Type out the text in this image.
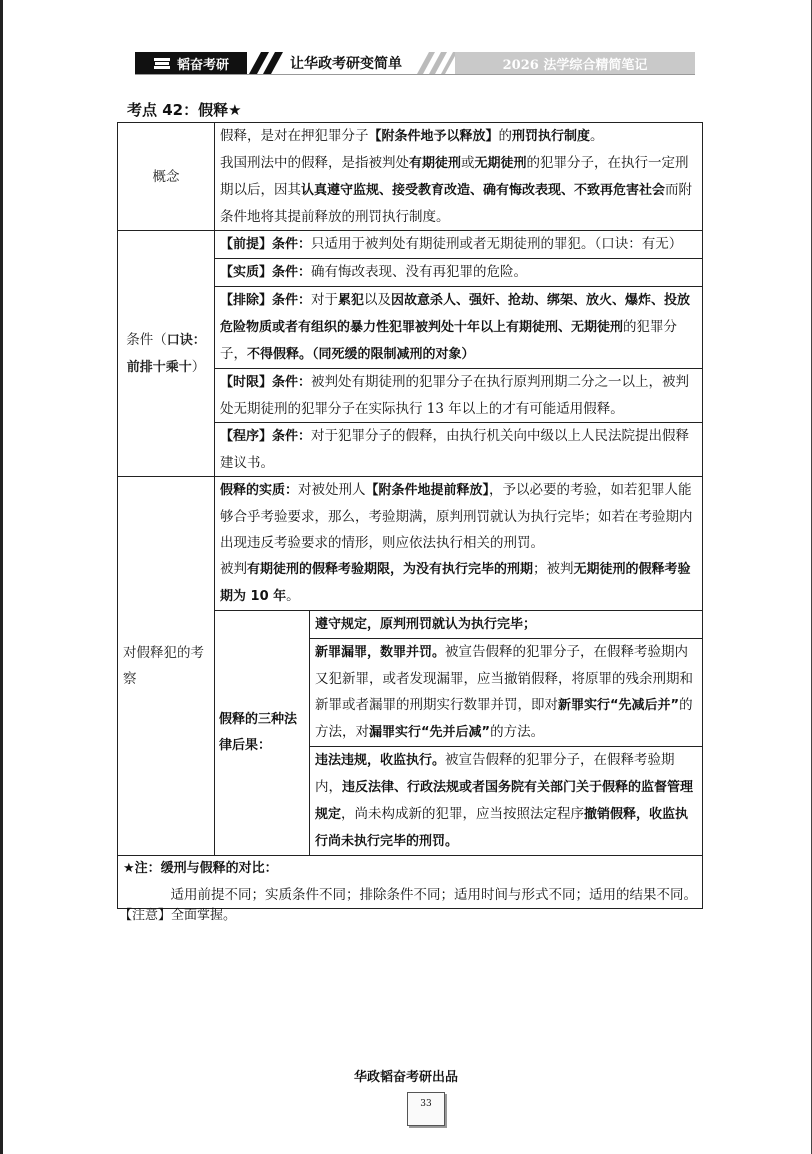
韬奋考研	让华政考研变简单	2026 法学综合精简笔记
考点 42：假释★
概念	
假释，是对在押犯罪分子【附条件地予以释放】的刑罚执行制度。
我国刑法中的假释，是指被判处有期徒刑或无期徒刑的犯罪分子，在执行一定刑期以后，因其认真遵守监规、接受教育改造、确有悔改表现、不致再危害社会而附条件地将其提前释放的刑罚执行制度。

条件（口诀：前排十乘十）	【前提】条件：只适用于被判处有期徒刑或者无期徒刑的罪犯。（口诀：有无）
【实质】条件：确有悔改表现、没有再犯罪的危险。
【排除】条件：对于累犯以及因故意杀人、强奸、抢劫、绑架、放火、爆炸、投放危险物质或者有组织的暴力性犯罪被判处十年以上有期徒刑、无期徒刑的犯罪分子，不得假释。（同死缓的限制减刑的对象）
【时限】条件：被判处有期徒刑的犯罪分子在执行原判刑期二分之一以上，被判处无期徒刑的犯罪分子在实际执行 13 年以上的才有可能适用假释。
【程序】条件：对于犯罪分子的假释，由执行机关向中级以上人民法院提出假释建议书。
对假释犯的考察	
假释的实质：对被处刑人【附条件地提前释放】，予以必要的考验，如若犯罪人能够合乎考验要求，那么，考验期满，原判刑罚就认为执行完毕；如若在考验期内出现违反考验要求的情形，则应依法执行相关的刑罚。
被判有期徒刑的假释考验期限，为没有执行完毕的刑期；被判无期徒刑的假释考验期为 10 年。

假释的三种法律后果：	遵守规定，原判刑罚就认为执行完毕；
新罪漏罪，数罪并罚。被宣告假释的犯罪分子，在假释考验期内又犯新罪，或者发现漏罪，应当撤销假释，将原罪的残余刑期和新罪或者漏罪的刑期实行数罪并罚，即对新罪实行“先减后并”的方法，对漏罪实行“先并后减”的方法。
违法违规，收监执行。被宣告假释的犯罪分子，在假释考验期内，违反法律、行政法规或者国务院有关部门关于假释的监督管理规定，尚未构成新的犯罪，应当按照法定程序撤销假释，收监执行尚未执行完毕的刑罚。

★注：缓刑与假释的对比：
适用前提不同；实质条件不同；排除条件不同；适用时间与形式不同；适用的结果不同。
【注意】全面掌握。
华政韬奋考研出品
33
